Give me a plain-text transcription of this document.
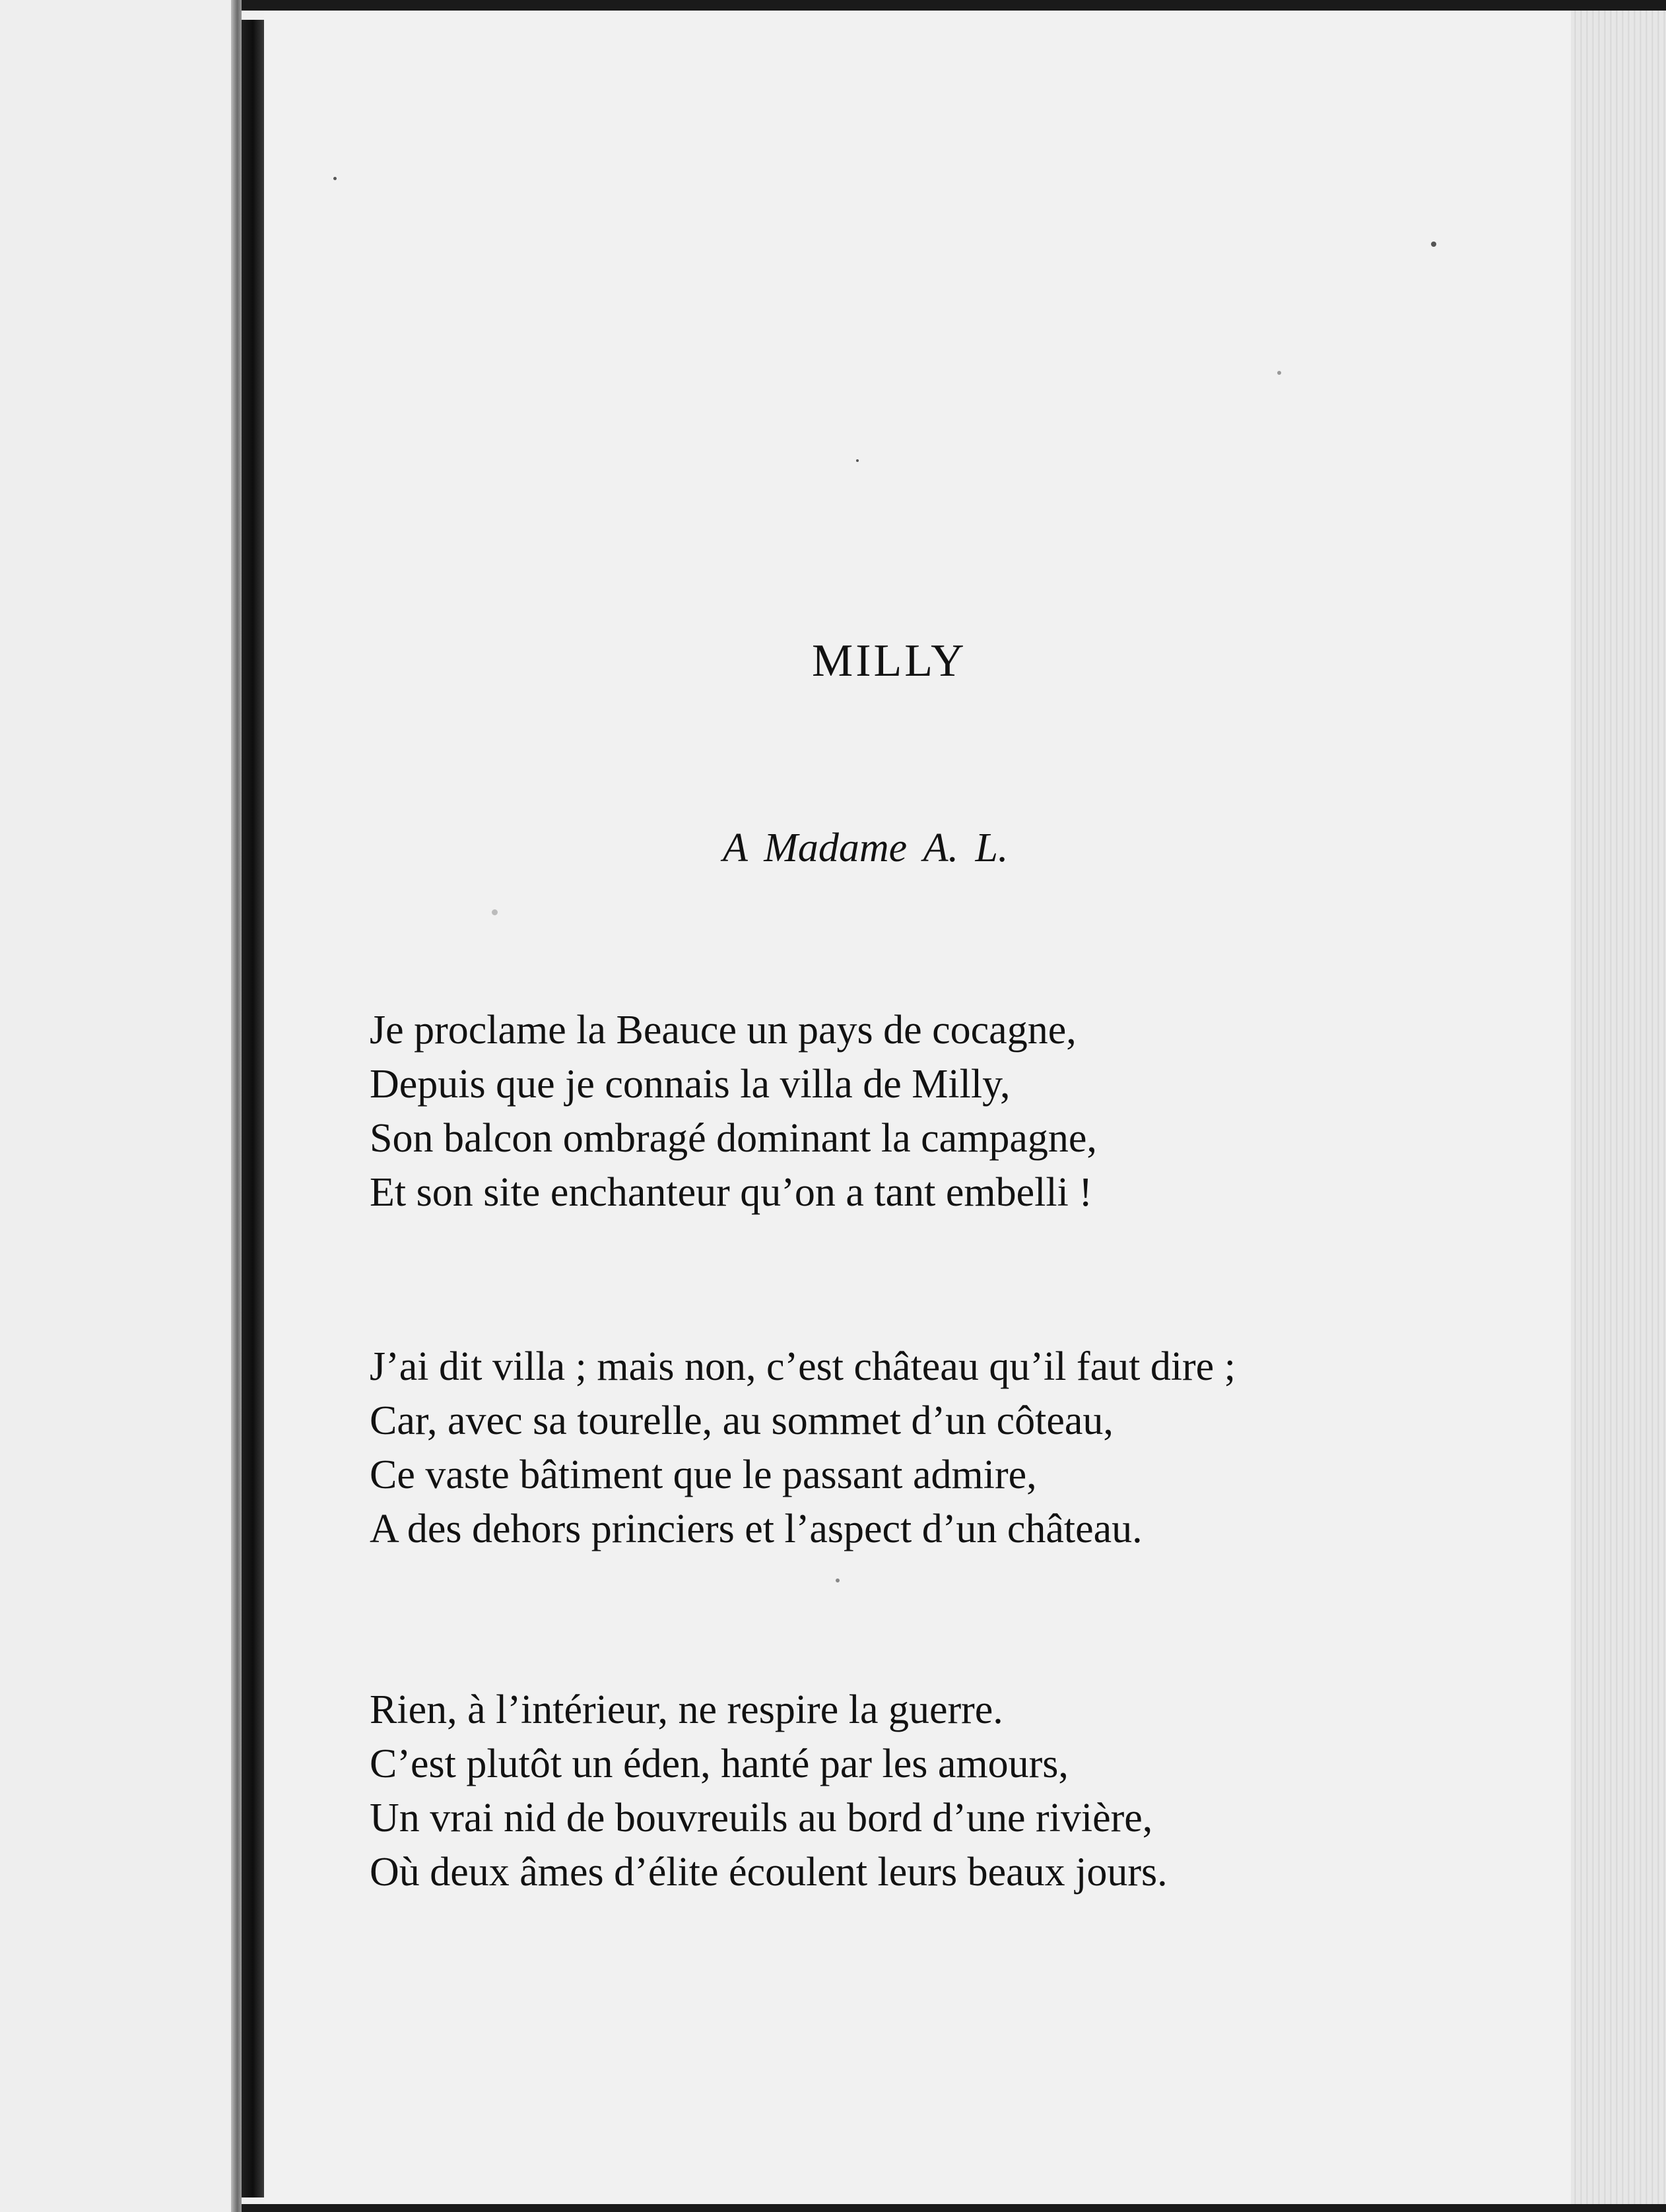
MILLY

A Madame A. L.

Je proclame la Beauce un pays de cocagne,
Depuis que je connais la villa de Milly,
Son balcon ombragé dominant la campagne,
Et son site enchanteur qu’on a tant embelli !

J’ai dit villa ; mais non, c’est château qu’il faut dire ;
Car, avec sa tourelle, au sommet d’un côteau,
Ce vaste bâtiment que le passant admire,
A des dehors princiers et l’aspect d’un château.

Rien, à l’intérieur, ne respire la guerre.
C’est plutôt un éden, hanté par les amours,
Un vrai nid de bouvreuils au bord d’une rivière,
Où deux âmes d’élite écoulent leurs beaux jours.
